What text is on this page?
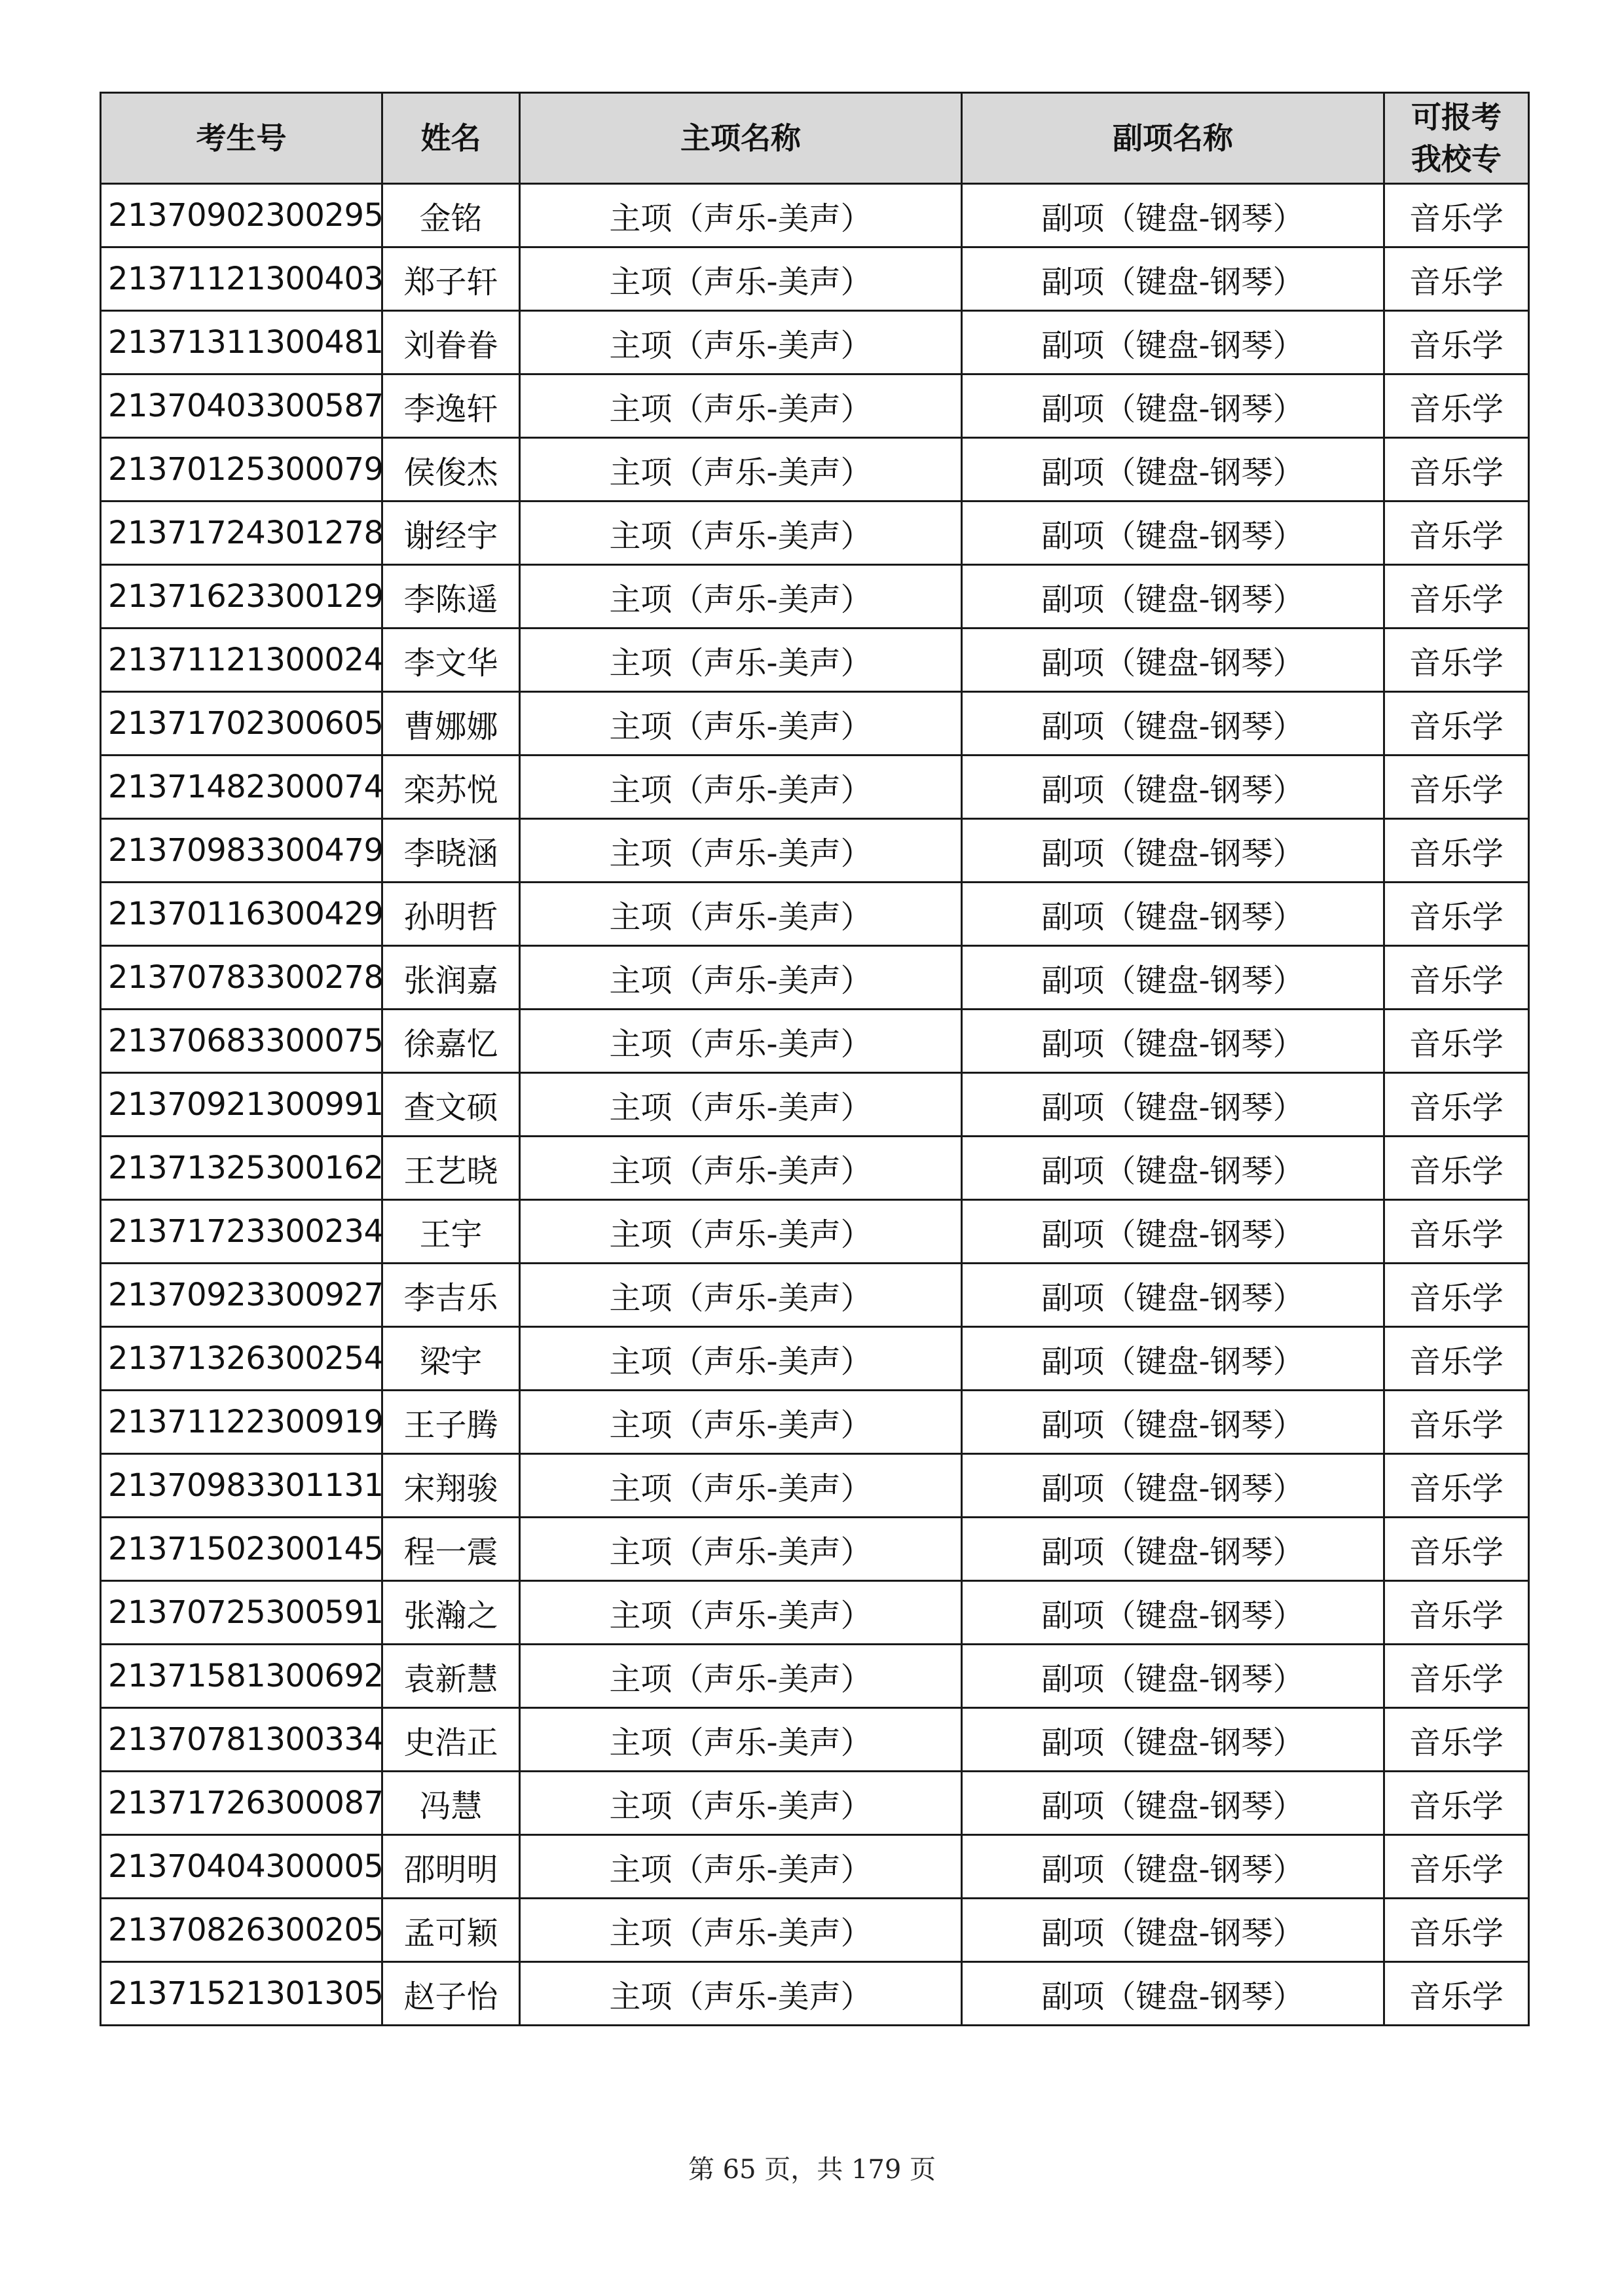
考生号	姓名	主项名称	副项名称	可报考我校专
21370902300295	金铭	主项（声乐-美声）	副项（键盘-钢琴）	音乐学
21371121300403	郑子轩	主项（声乐-美声）	副项（键盘-钢琴）	音乐学
21371311300481	刘眷眷	主项（声乐-美声）	副项（键盘-钢琴）	音乐学
21370403300587	李逸轩	主项（声乐-美声）	副项（键盘-钢琴）	音乐学
21370125300079	侯俊杰	主项（声乐-美声）	副项（键盘-钢琴）	音乐学
21371724301278	谢经宇	主项（声乐-美声）	副项（键盘-钢琴）	音乐学
21371623300129	李陈遥	主项（声乐-美声）	副项（键盘-钢琴）	音乐学
21371121300024	李文华	主项（声乐-美声）	副项（键盘-钢琴）	音乐学
21371702300605	曹娜娜	主项（声乐-美声）	副项（键盘-钢琴）	音乐学
21371482300074	栾苏悦	主项（声乐-美声）	副项（键盘-钢琴）	音乐学
21370983300479	李晓涵	主项（声乐-美声）	副项（键盘-钢琴）	音乐学
21370116300429	孙明哲	主项（声乐-美声）	副项（键盘-钢琴）	音乐学
21370783300278	张润嘉	主项（声乐-美声）	副项（键盘-钢琴）	音乐学
21370683300075	徐嘉忆	主项（声乐-美声）	副项（键盘-钢琴）	音乐学
21370921300991	查文硕	主项（声乐-美声）	副项（键盘-钢琴）	音乐学
21371325300162	王艺晓	主项（声乐-美声）	副项（键盘-钢琴）	音乐学
21371723300234	王宇	主项（声乐-美声）	副项（键盘-钢琴）	音乐学
21370923300927	李吉乐	主项（声乐-美声）	副项（键盘-钢琴）	音乐学
21371326300254	梁宇	主项（声乐-美声）	副项（键盘-钢琴）	音乐学
21371122300919	王子腾	主项（声乐-美声）	副项（键盘-钢琴）	音乐学
21370983301131	宋翔骏	主项（声乐-美声）	副项（键盘-钢琴）	音乐学
21371502300145	程一震	主项（声乐-美声）	副项（键盘-钢琴）	音乐学
21370725300591	张瀚之	主项（声乐-美声）	副项（键盘-钢琴）	音乐学
21371581300692	袁新慧	主项（声乐-美声）	副项（键盘-钢琴）	音乐学
21370781300334	史浩正	主项（声乐-美声）	副项（键盘-钢琴）	音乐学
21371726300087	冯慧	主项（声乐-美声）	副项（键盘-钢琴）	音乐学
21370404300005	邵明明	主项（声乐-美声）	副项（键盘-钢琴）	音乐学
21370826300205	孟可颖	主项（声乐-美声）	副项（键盘-钢琴）	音乐学
21371521301305	赵子怡	主项（声乐-美声）	副项（键盘-钢琴）	音乐学
第 65 页，共 179 页
